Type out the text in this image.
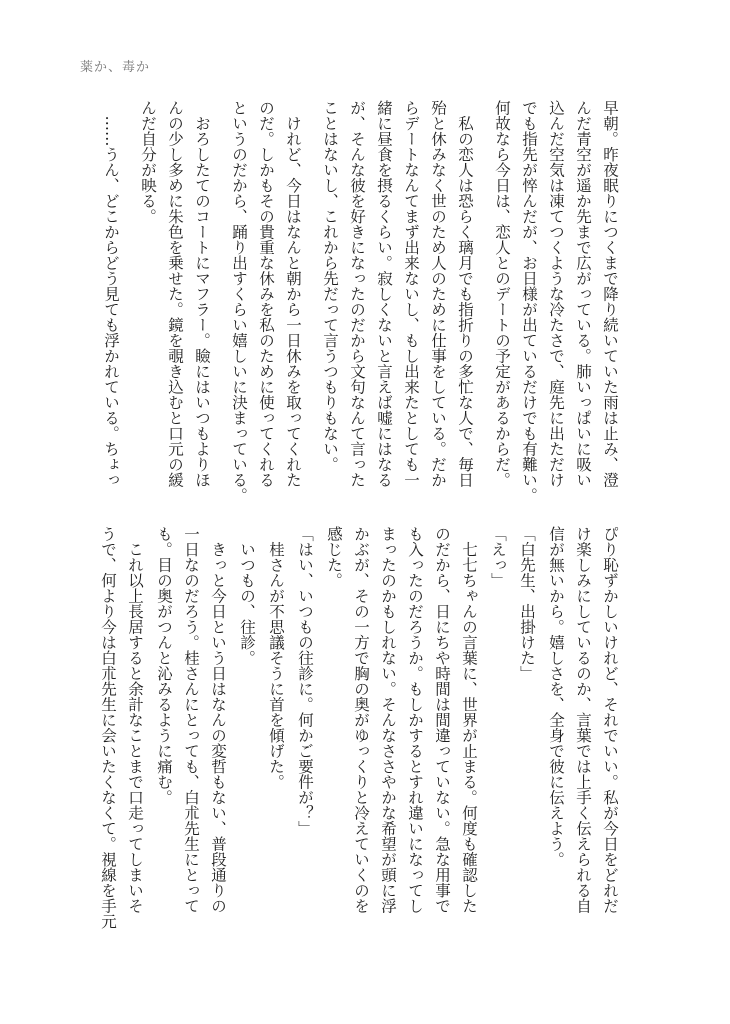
薬か、毒か
早朝。昨夜眠りにつくまで降り続いていた雨は止み、澄
んだ青空が遥か先まで広がっている。肺いっぱいに吸い
込んだ空気は凍てつくような冷たさで、庭先に出ただけ
でも指先が悴んだが、お日様が出ているだけでも有難い。
何故なら今日は、恋人とのデートの予定があるからだ。
　私の恋人は恐らく璃月でも指折りの多忙な人で、毎日
殆と休みなく世のため人のために仕事をしている。だか
らデートなんてまず出来ないし、もし出来たとしても一
緒に昼食を摂るくらい。寂しくないと言えば嘘にはなる
が、そんな彼を好きになったのだから文句なんて言った
ことはないし、これから先だって言うつもりもない。
　けれど、今日はなんと朝から一日休みを取ってくれた
のだ。しかもその貴重な休みを私のために使ってくれる
というのだから、踊り出すくらい嬉しいに決まっている。
　おろしたてのコートにマフラー。瞼にはいつもよりほ
んの少し多めに朱色を乗せた。鏡を覗き込むと口元の緩
んだ自分が映る。
　……うん、どこからどう見ても浮かれている。ちょっ
ぴり恥ずかしいけれど、それでいい。私が今日をどれだ
け楽しみにしているのか、言葉では上手く伝えられる自
信が無いから。嬉しさを、全身で彼に伝えよう。
「白先生、出掛けた」
「えっ」
　七七ちゃんの言葉に、世界が止まる。何度も確認した
のだから、日にちや時間は間違っていない。急な用事で
も入ったのだろうか。もしかするとすれ違いになってし
まったのかもしれない。そんなささやかな希望が頭に浮
かぶが、その一方で胸の奥がゆっくりと冷えていくのを
感じた。
「はい、いつもの往診に。何かご要件が？」
　桂さんが不思議そうに首を傾げた。
　いつもの、往診。
　きっと今日という日はなんの変哲もない、普段通りの
一日なのだろう。桂さんにとっても、白朮先生にとって
も。目の奥がつんと沁みるように痛む。
　これ以上長居すると余計なことまで口走ってしまいそ
うで、何より今は白朮先生に会いたくなくて。視線を手元
